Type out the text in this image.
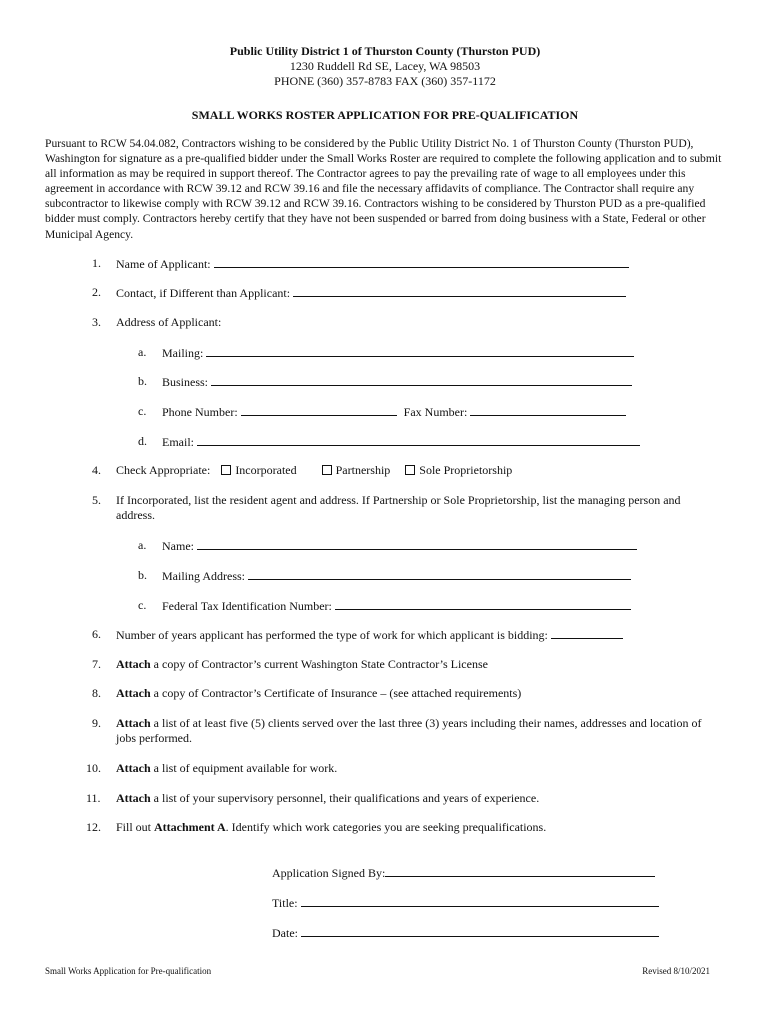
Public Utility District 1 of Thurston County (Thurston PUD)
1230 Ruddell Rd SE, Lacey, WA 98503
PHONE (360) 357-8783 FAX (360) 357-1172
SMALL WORKS ROSTER APPLICATION FOR PRE-QUALIFICATION

Pursuant to RCW 54.04.082, Contractors wishing to be considered by the Public Utility District No. 1 of Thurston County (Thurston PUD), Washington for signature as a pre-qualified bidder under the Small Works Roster are required to complete the following application and to submit all information as may be required in support thereof. The Contractor agrees to pay the prevailing rate of wage to all employees under this agreement in accordance with RCW 39.12 and RCW 39.16 and file the necessary affidavits of compliance. The Contractor shall require any subcontractor to likewise comply with RCW 39.12 and RCW 39.16. Contractors wishing to be considered by Thurston PUD as a pre-qualified bidder must comply. Contractors hereby certify that they have not been suspended or barred from doing business with a State, Federal or other Municipal Agency.

1. Name of Applicant:
2. Contact, if Different than Applicant:
3. Address of Applicant:
a. Mailing:
b. Business:
c. Phone Number:	Fax Number:
d. Email:
4. Check Appropriate: Incorporated	Partnership Sole Proprietorship
5. If Incorporated, list the resident agent and address. If Partnership or Sole Proprietorship, list the managing person and address.
a. Name:
b. Mailing Address:
c. Federal Tax Identification Number:
6. Number of years applicant has performed the type of work for which applicant is bidding:
7. Attach a copy of Contractor’s current Washington State Contractor’s License
8. Attach a copy of Contractor’s Certificate of Insurance – (see attached requirements)
9. Attach a list of at least five (5) clients served over the last three (3) years including their names, addresses and location of jobs performed.
10. Attach a list of equipment available for work.
11. Attach a list of your supervisory personnel, their qualifications and years of experience.
12. Fill out Attachment A. Identify which work categories you are seeking prequalifications.
Application Signed By:
Title:
Date:
Small Works Application for Pre-qualification	Revised 8/10/2021
